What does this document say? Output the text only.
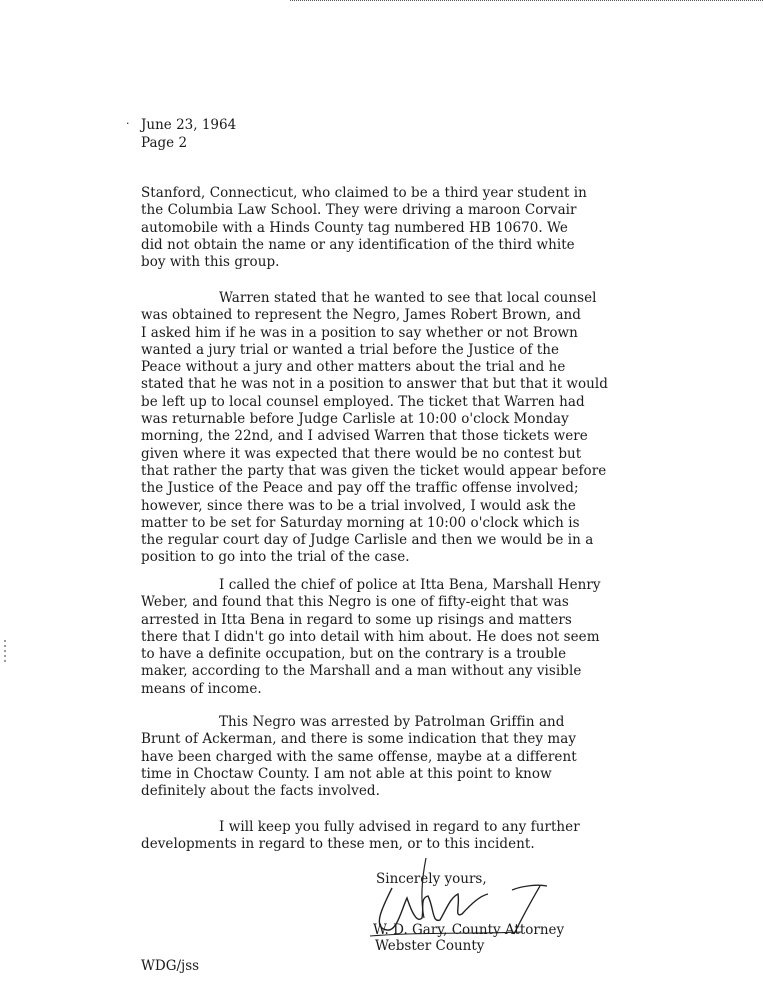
· June 23, 1964
Page 2

Stanford, Connecticut, who claimed to be a third year student in
the Columbia Law School. They were driving a maroon Corvair
automobile with a Hinds County tag numbered HB 10670. We
did not obtain the name or any identification of the third white
boy with this group.

Warren stated that he wanted to see that local counsel
was obtained to represent the Negro, James Robert Brown, and
I asked him if he was in a position to say whether or not Brown
wanted a jury trial or wanted a trial before the Justice of the
Peace without a jury and other matters about the trial and he
stated that he was not in a position to answer that but that it would
be left up to local counsel employed. The ticket that Warren had
was returnable before Judge Carlisle at 10:00 o'clock Monday
morning, the 22nd, and I advised Warren that those tickets were
given where it was expected that there would be no contest but
that rather the party that was given the ticket would appear before
the Justice of the Peace and pay off the traffic offense involved;
however, since there was to be a trial involved, I would ask the
matter to be set for Saturday morning at 10:00 o'clock which is
the regular court day of Judge Carlisle and then we would be in a
position to go into the trial of the case.

I called the chief of police at Itta Bena, Marshall Henry
Weber, and found that this Negro is one of fifty-eight that was
arrested in Itta Bena in regard to some up risings and matters
there that I didn't go into detail with him about. He does not seem
to have a definite occupation, but on the contrary is a trouble
maker, according to the Marshall and a man without any visible
means of income.

This Negro was arrested by Patrolman Griffin and
Brunt of Ackerman, and there is some indication that they may
have been charged with the same offense, maybe at a different
time in Choctaw County. I am not able at this point to know
definitely about the facts involved.

I will keep you fully advised in regard to any further
developments in regard to these men, or to this incident.

Sincerely yours,
W. D. Gary, County Attorney
Webster County
WDG/jss
